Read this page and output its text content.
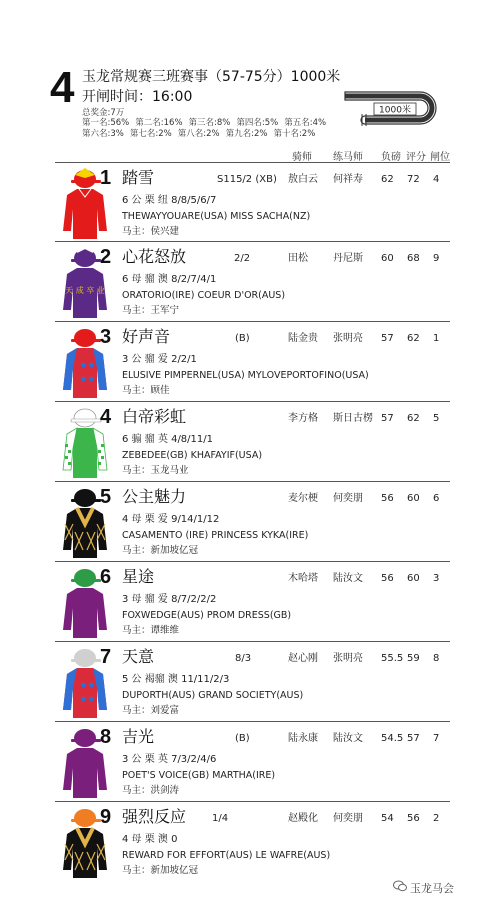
4 玉龙常规赛三班赛事（57-75分）1000米
开闸时间：16:00
总奖金:7万
第一名:56% 第二名:16% 第三名:8% 第四名:5% 第五名:4%
第六名:3% 第七名:2% 第八名:2% 第九名:2% 第十名:2%
1000米
骑师 练马师 负磅 评分 闸位
1 踏雪	S115/2 (XB) 敖白云 何祥寿 62 72 4
6 公 栗 纽 8/8/5/6/7
THEWAYYOUARE(USA) MISS SACHA(NZ)
马主：侯兴建
天 成 卒 业
2 心花怒放	2/2	田松	丹尼斯 60 68 9
6 母 骝 澳 8/2/7/4/1
ORATORIO(IRE) COEUR D'OR(AUS)
马主：王军宁
★ ★
★ ★
3 好声音	(B)	陆金贵 张明亮 57 62 1
3 公 骝 爱 2/2/1
ELUSIVE PIMPERNEL(USA) MYLOVEPORTOFINO(USA)
马主：顾佳
4 白帝彩虹	李方格 斯日古楞 57 62 5
6 骟 骝 英 4/8/11/1
ZEBEDEE(GB) KHAFAYIF(USA)
马主：玉龙马业
5 公主魅力	麦尔梗 何奕朋 56 60 6
4 母 栗 爱 9/14/1/12
CASAMENTO (IRE) PRINCESS KYKA(IRE)
马主：新加坡亿冠
6 星途	木哈塔 陆汝文 56 60 3
3 母 骝 爱 8/7/2/2/2
FOXWEDGE(AUS) PROM DRESS(GB)
马主：谭维维
★ ★
★ ★
7 天意	8/3	赵心刚 张明亮 55.5 59 8
5 公 褐骝 澳 11/11/2/3
DUPORTH(AUS) GRAND SOCIETY(AUS)
马主：刘爱富
8 吉光	(B)	陆永康 陆汝文 54.5 57 7
3 公 栗 英 7/3/2/4/6
POET'S VOICE(GB) MARTHA(IRE)
马主：洪剑涛
9 强烈反应	1/4	赵殿化 何奕朋 54 56 2
4 母 栗 澳 0
REWARD FOR EFFORT(AUS) LE WAFRE(AUS)
马主：新加坡亿冠
玉龙马会
